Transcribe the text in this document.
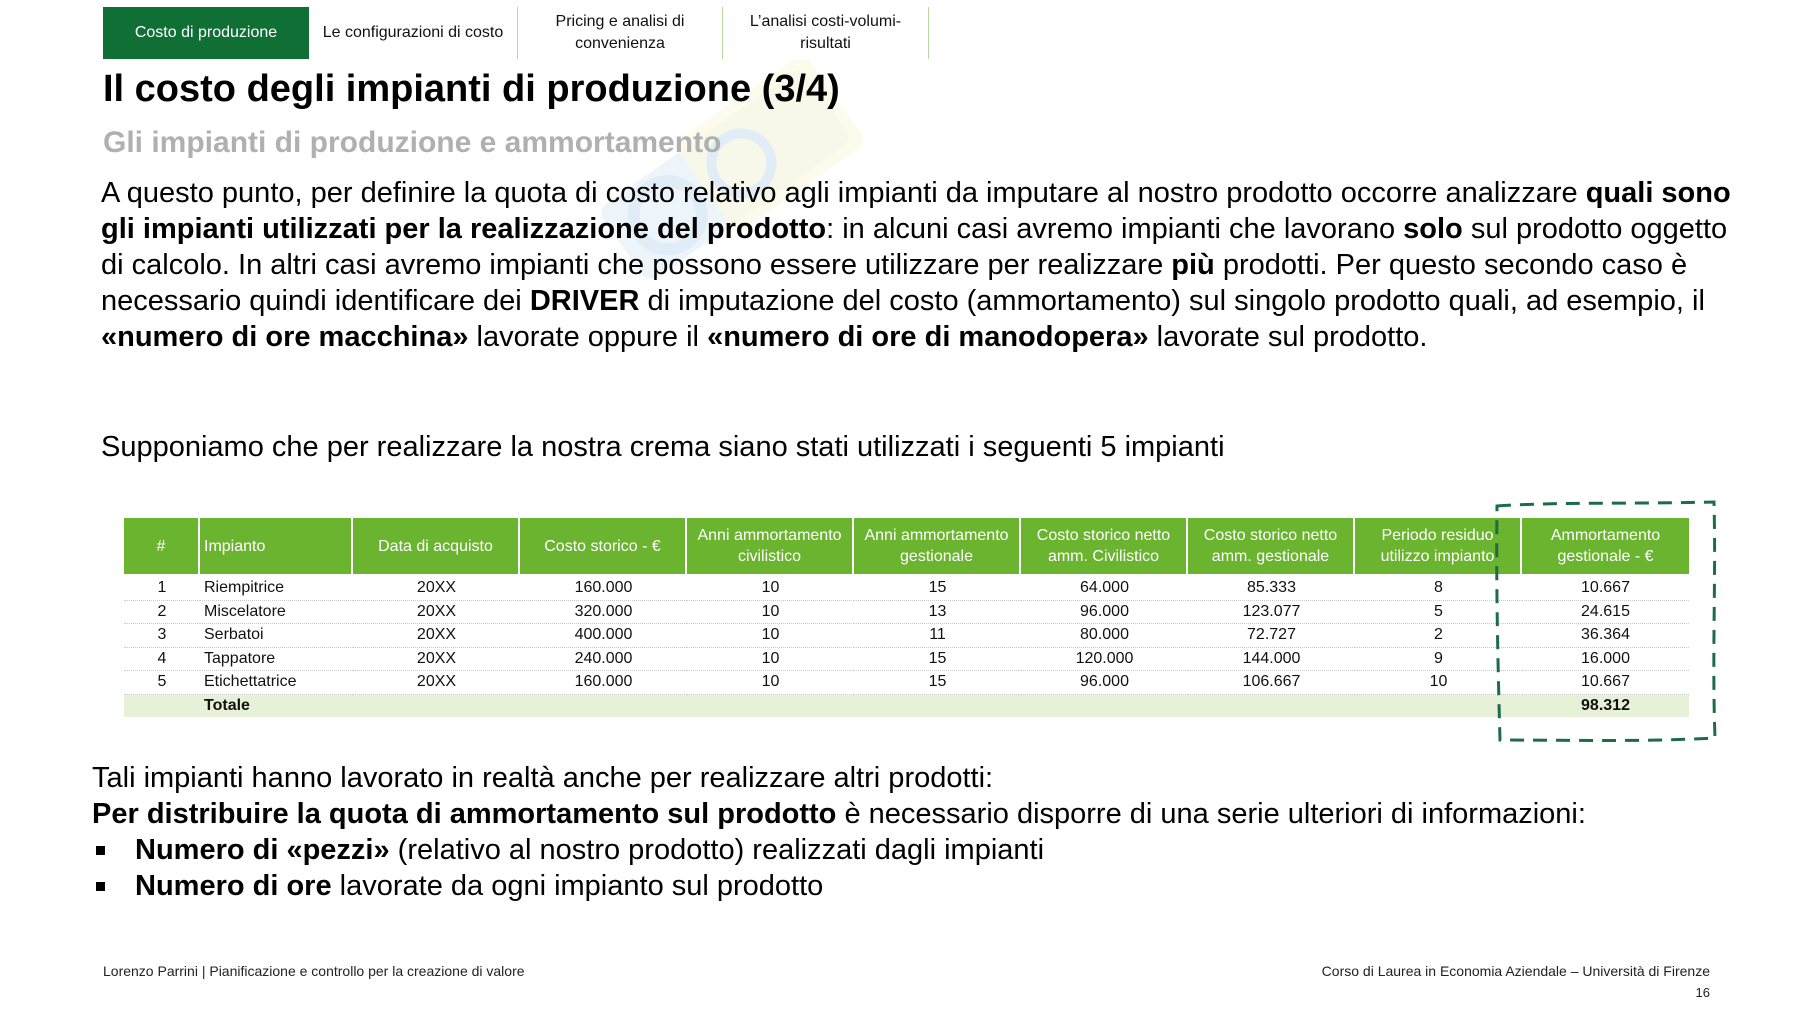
Costo di produzione	Le configurazioni di costo
Pricing e analisi di convenienza
L’analisi costi-volumi-risultati
Il costo degli impianti di produzione (3/4)
Gli impianti di produzione e ammortamento

A questo punto, per definire la quota di costo relativo agli impianti da imputare al nostro prodotto occorre analizzare quali sono gli impianti utilizzati per la realizzazione del prodotto: in alcuni casi avremo impianti che lavorano solo sul prodotto oggetto di calcolo. In altri casi avremo impianti che possono essere utilizzare per realizzare più prodotti. Per questo secondo caso è necessario quindi identificare dei DRIVER di imputazione del costo (ammortamento) sul singolo prodotto quali, ad esempio, il «numero di ore macchina» lavorate oppure il «numero di ore di manodopera» lavorate sul prodotto.

Supponiamo che per realizzare la nostra crema siano stati utilizzati i seguenti 5 impianti

#	Impianto	Data di acquisto	Costo storico - €	Anni ammortamento civilistico	Anni ammortamento gestionale	Costo storico netto amm. Civilistico	Costo storico netto amm. gestionale	Periodo residuo utilizzo impianto	Ammortamento gestionale - €
1	Riempitrice	20XX	160.000	10	15	64.000	85.333	8	10.667
2	Miscelatore	20XX	320.000	10	13	96.000	123.077	5	24.615
3	Serbatoi	20XX	400.000	10	11	80.000	72.727	2	36.364
4	Tappatore	20XX	240.000	10	15	120.000	144.000	9	16.000
5	Etichettatrice	20XX	160.000	10	15	96.000	106.667	10	10.667
	Totale								98.312

Tali impianti hanno lavorato in realtà anche per realizzare altri prodotti:
Per distribuire la quota di ammortamento sul prodotto è necessario disporre di una serie ulteriori di informazioni:

Numero di «pezzi» (relativo al nostro prodotto) realizzati dagli impianti
Numero di ore lavorate da ogni impianto sul prodotto
Lorenzo Parrini | Pianificazione e controllo per la creazione di valore	Corso di Laurea in Economia Aziendale – Università di Firenze
16
